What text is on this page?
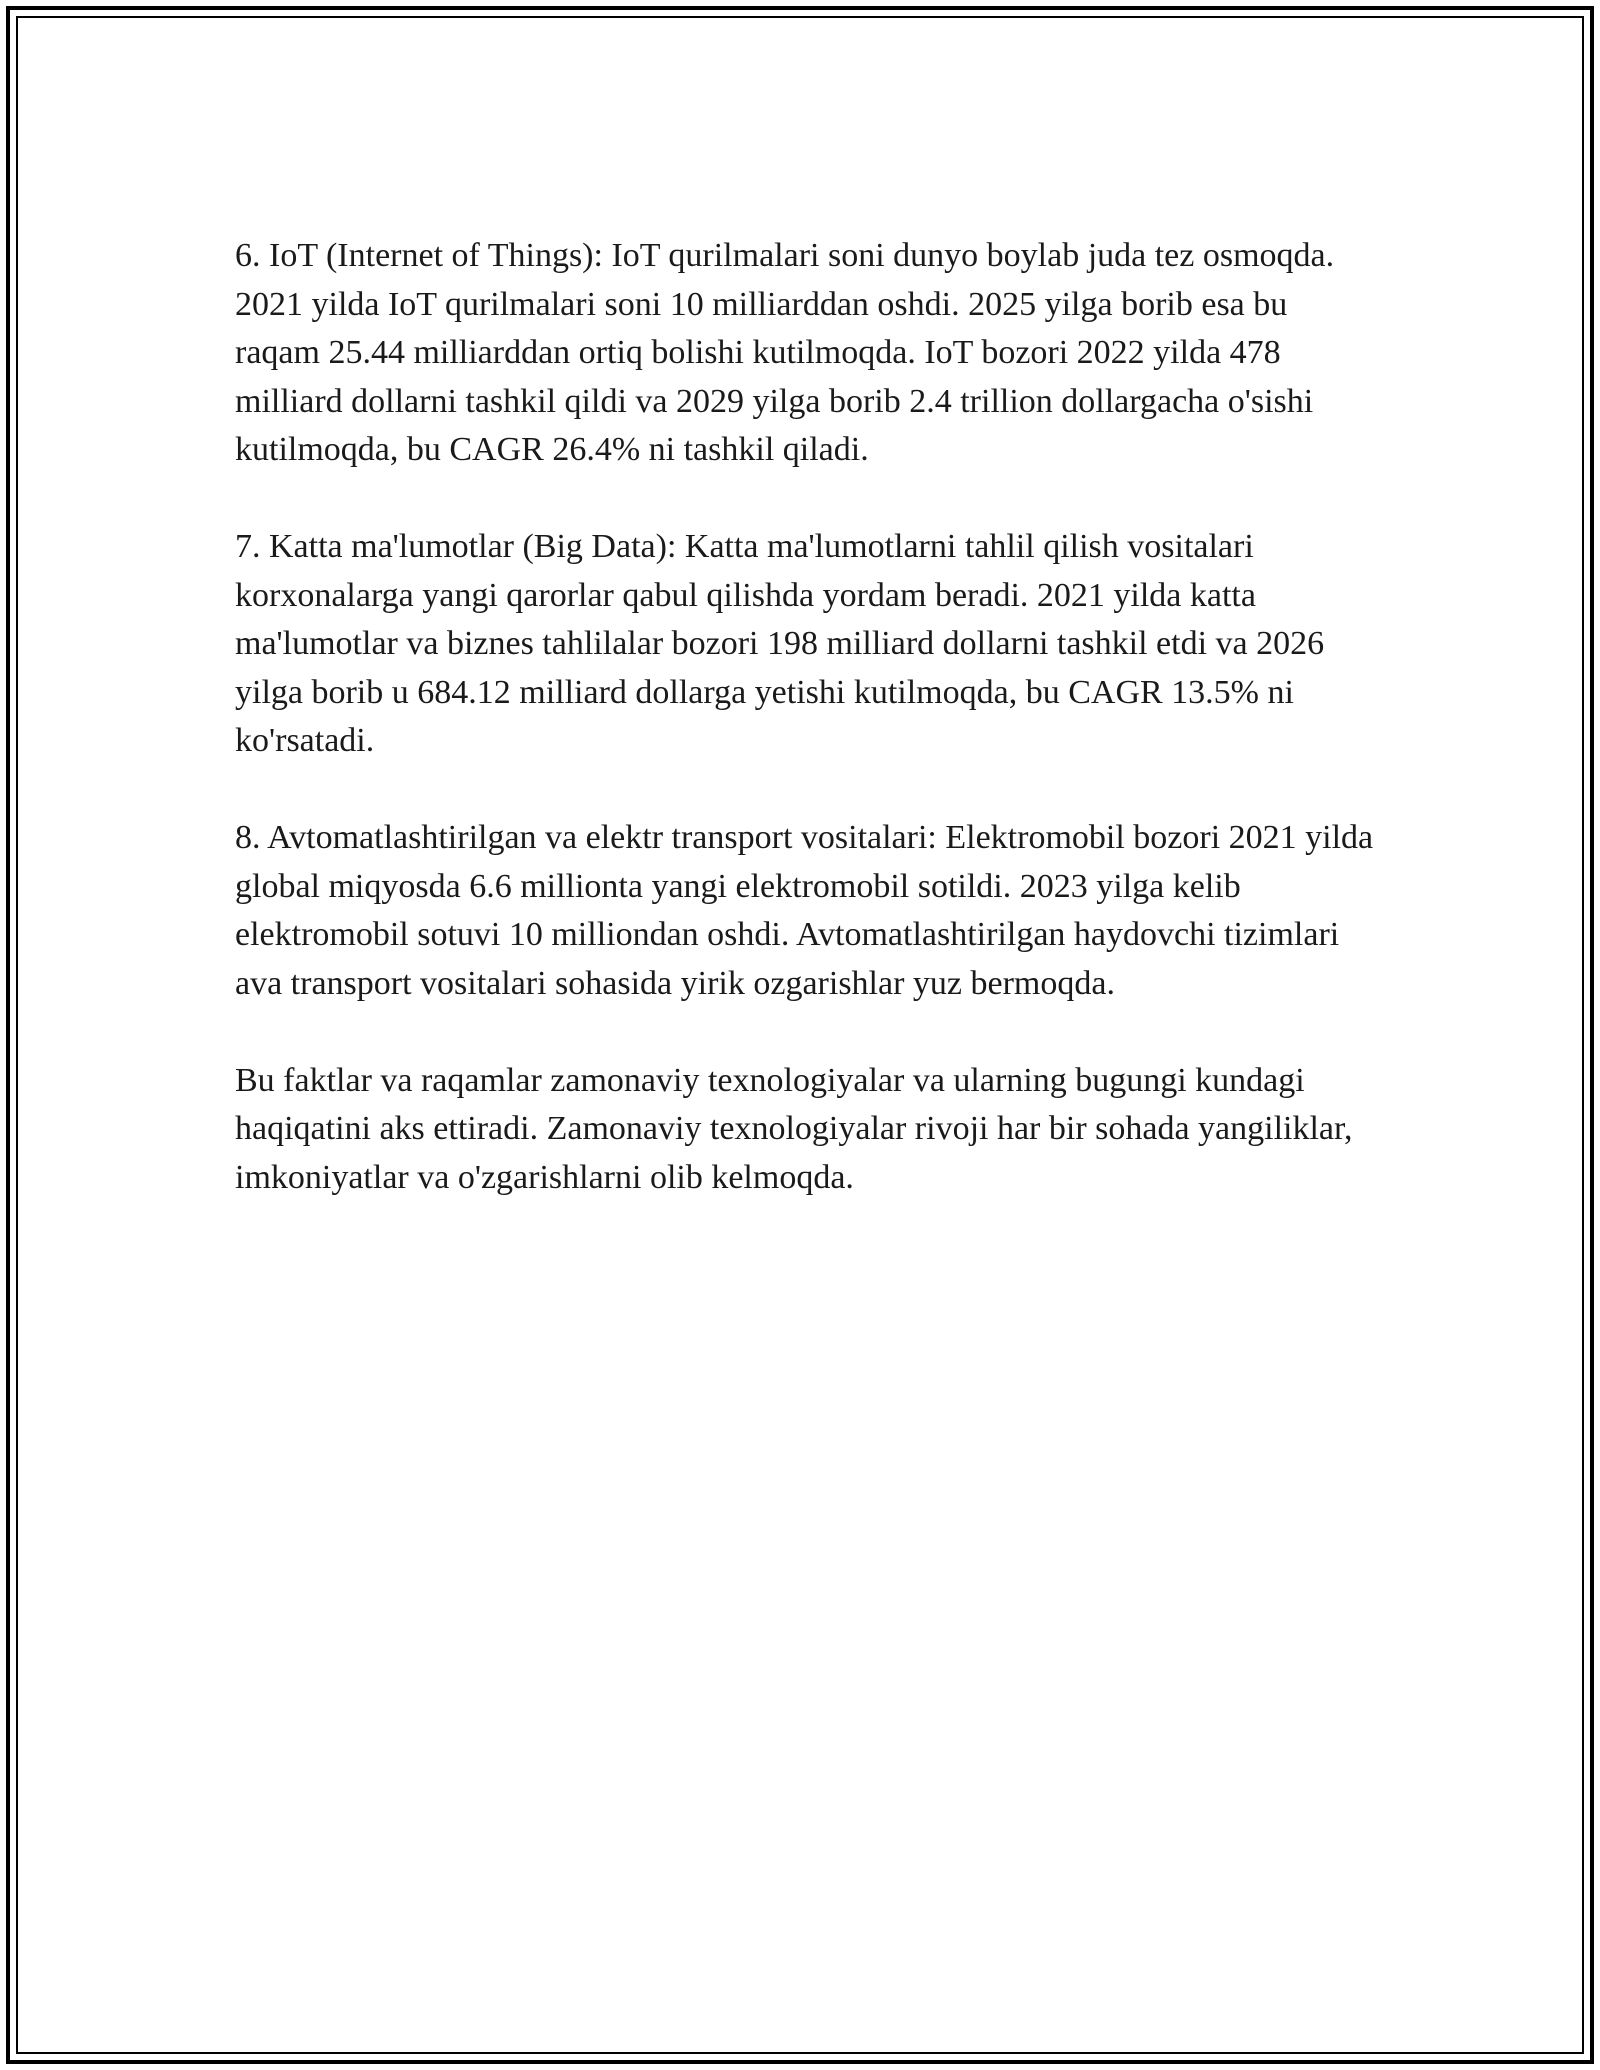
6. IoT (Internet of Things): IoT qurilmalari soni dunyo boylab juda tez osmoqda. 2021 yilda IoT qurilmalari soni 10 milliarddan oshdi. 2025 yilga borib esa bu raqam 25.44 milliarddan ortiq bolishi kutilmoqda. IoT bozori 2022 yilda 478 milliard dollarni tashkil qildi va 2029 yilga borib 2.4 trillion dollargacha o'sishi kutilmoqda, bu CAGR 26.4% ni tashkil qiladi.

7. Katta ma'lumotlar (Big Data): Katta ma'lumotlarni tahlil qilish vositalari korxonalarga yangi qarorlar qabul qilishda yordam beradi. 2021 yilda katta ma'lumotlar va biznes tahlilalar bozori 198 milliard dollarni tashkil etdi va 2026 yilga borib u 684.12 milliard dollarga yetishi kutilmoqda, bu CAGR 13.5% ni ko'rsatadi.

8. Avtomatlashtirilgan va elektr transport vositalari: Elektromobil bozori 2021 yilda global miqyosda 6.6 millionta yangi elektromobil sotildi. 2023 yilga kelib elektromobil sotuvi 10 milliondan oshdi. Avtomatlashtirilgan haydovchi tizimlari ava transport vositalari sohasida yirik ozgarishlar yuz bermoqda.

Bu faktlar va raqamlar zamonaviy texnologiyalar va ularning bugungi kundagi haqiqatini aks ettiradi. Zamonaviy texnologiyalar rivoji har bir sohada yangiliklar, imkoniyatlar va o'zgarishlarni olib kelmoqda.
